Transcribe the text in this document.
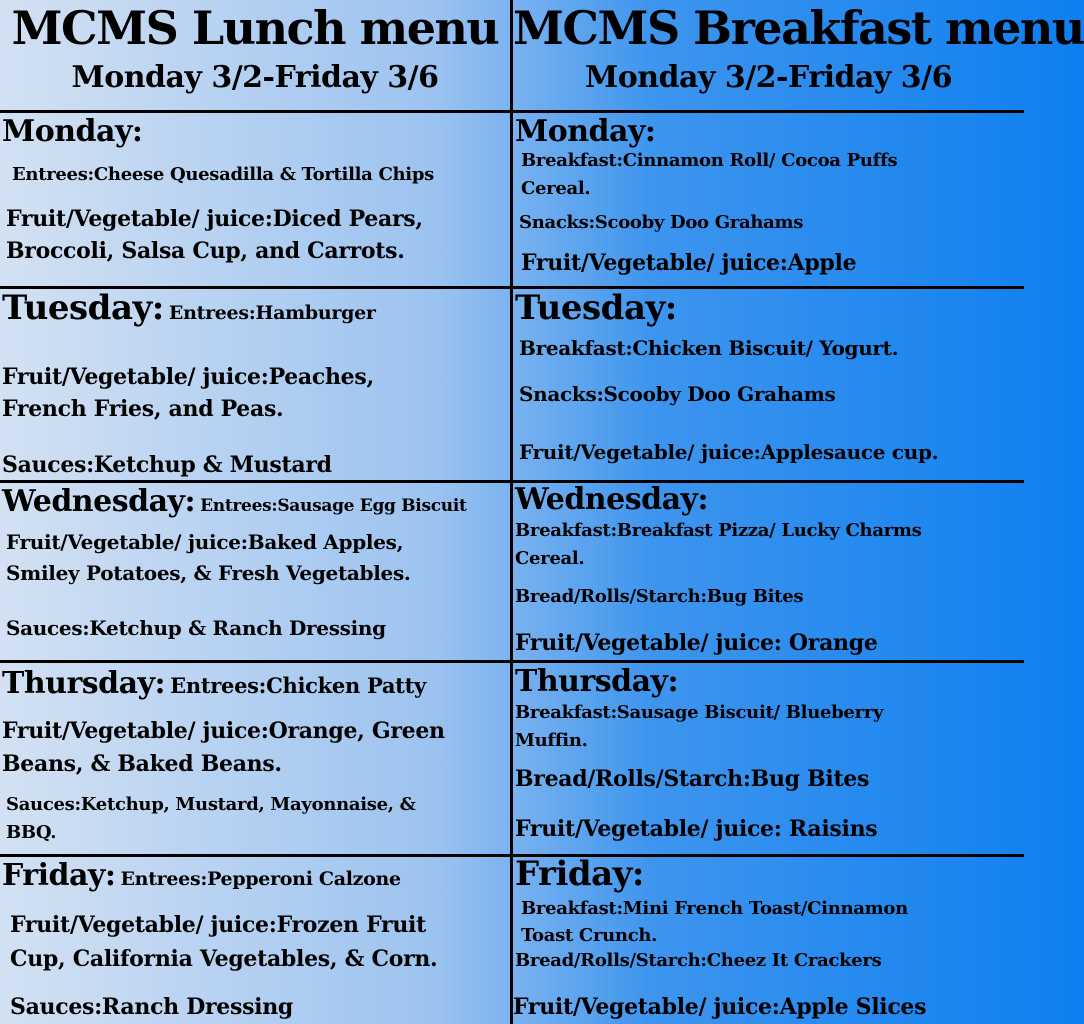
MCMS Lunch menu
Monday 3/2-Friday 3/6
MCMS Breakfast menu
Monday 3/2-Friday 3/6
Monday:
Entrees:Cheese Quesadilla & Tortilla Chips
Fruit/Vegetable/ juice:Diced Pears,
Broccoli, Salsa Cup, and Carrots.
Tuesday: Entrees:Hamburger
Fruit/Vegetable/ juice:Peaches,
French Fries, and Peas.
Sauces:Ketchup & Mustard
Wednesday: Entrees:Sausage Egg Biscuit
Fruit/Vegetable/ juice:Baked Apples,
Smiley Potatoes, & Fresh Vegetables.
Sauces:Ketchup & Ranch Dressing
Thursday: Entrees:Chicken Patty
Fruit/Vegetable/ juice:Orange, Green
Beans, & Baked Beans.
Sauces:Ketchup, Mustard, Mayonnaise, &
BBQ.
Friday: Entrees:Pepperoni Calzone
Fruit/Vegetable/ juice:Frozen Fruit
Cup, California Vegetables, & Corn.
Sauces:Ranch Dressing
Monday:
Breakfast:Cinnamon Roll/ Cocoa Puffs
Cereal.
Snacks:Scooby Doo Grahams
Fruit/Vegetable/ juice:Apple
Tuesday:
Breakfast:Chicken Biscuit/ Yogurt.
Snacks:Scooby Doo Grahams
Fruit/Vegetable/ juice:Applesauce cup.
Wednesday:
Breakfast:Breakfast Pizza/ Lucky Charms
Cereal.
Bread/Rolls/Starch:Bug Bites
Fruit/Vegetable/ juice: Orange
Thursday:
Breakfast:Sausage Biscuit/ Blueberry
Muffin.
Bread/Rolls/Starch:Bug Bites
Fruit/Vegetable/ juice: Raisins
Friday:
Breakfast:Mini French Toast/Cinnamon
Toast Crunch.
Bread/Rolls/Starch:Cheez It Crackers
Fruit/Vegetable/ juice:Apple Slices
